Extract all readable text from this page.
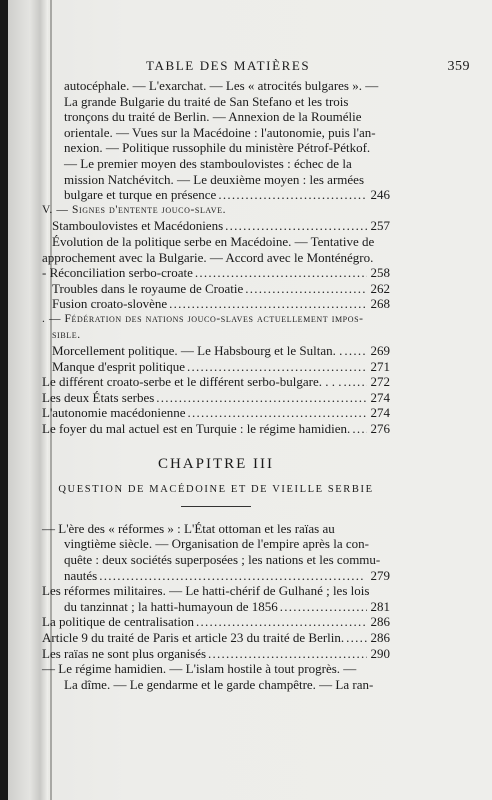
TABLE DES MATIÈRES	359
autocéphale. — L'exarchat. — Les « atrocités bulgares ». —
La grande Bulgarie du traité de San Stefano et les trois
tronçons du traité de Berlin. — Annexion de la Roumélie
orientale. — Vues sur la Macédoine : l'autonomie, puis l'an-
nexion. — Politique russophile du ministère Pétrof-Pétkof.
— Le premier moyen des stamboulovistes : échec de la
mission Natchévitch. — Le deuxième moyen : les armées
bulgare et turque en présence . . .	246
V. — Signes d'entente jouco-slave.
Stamboulovistes et Macédoniens . . .	257
Évolution de la politique serbe en Macédoine. — Tentative de
approchement avec la Bulgarie. — Accord avec le Monténégro.
- Réconciliation serbo-croate . . .	258
Troubles dans le royaume de Croatie . . .	262
Fusion croato-slovène . . .	268
. — Fédération des nations jouco-slaves actuellement impos-
sible.
Morcellement politique. — Le Habsbourg et le Sultan. . . . . 269
Manque d'esprit politique . . .	271
Le différent croato-serbe et le différent serbo-bulgare. . . . . . . 272
Les deux États serbes . . .	274
L'autonomie macédonienne . . .	274
Le foyer du mal actuel est en Turquie : le régime hamidien. . . . 276
CHAPITRE III
QUESTION DE MACÉDOINE ET DE VIEILLE SERBIE
— L'ère des « réformes » : L'État ottoman et les raïas au
vingtième siècle. — Organisation de l'empire après la con-
quête : deux sociétés superposées ; les nations et les commu-
nautés . . .	279
Les réformes militaires. — Le hatti-chérif de Gulhané ; les lois
du tanzinnat ; la hatti-humayoun de 1856 . . .	281
La politique de centralisation . . .	286
Article 9 du traité de Paris et article 23 du traité de Berlin. . . . 286
Les raïas ne sont plus organisés . . .	290
— Le régime hamidien. — L'islam hostile à tout progrès. —
La dîme. — Le gendarme et le garde champêtre. — La ran-
